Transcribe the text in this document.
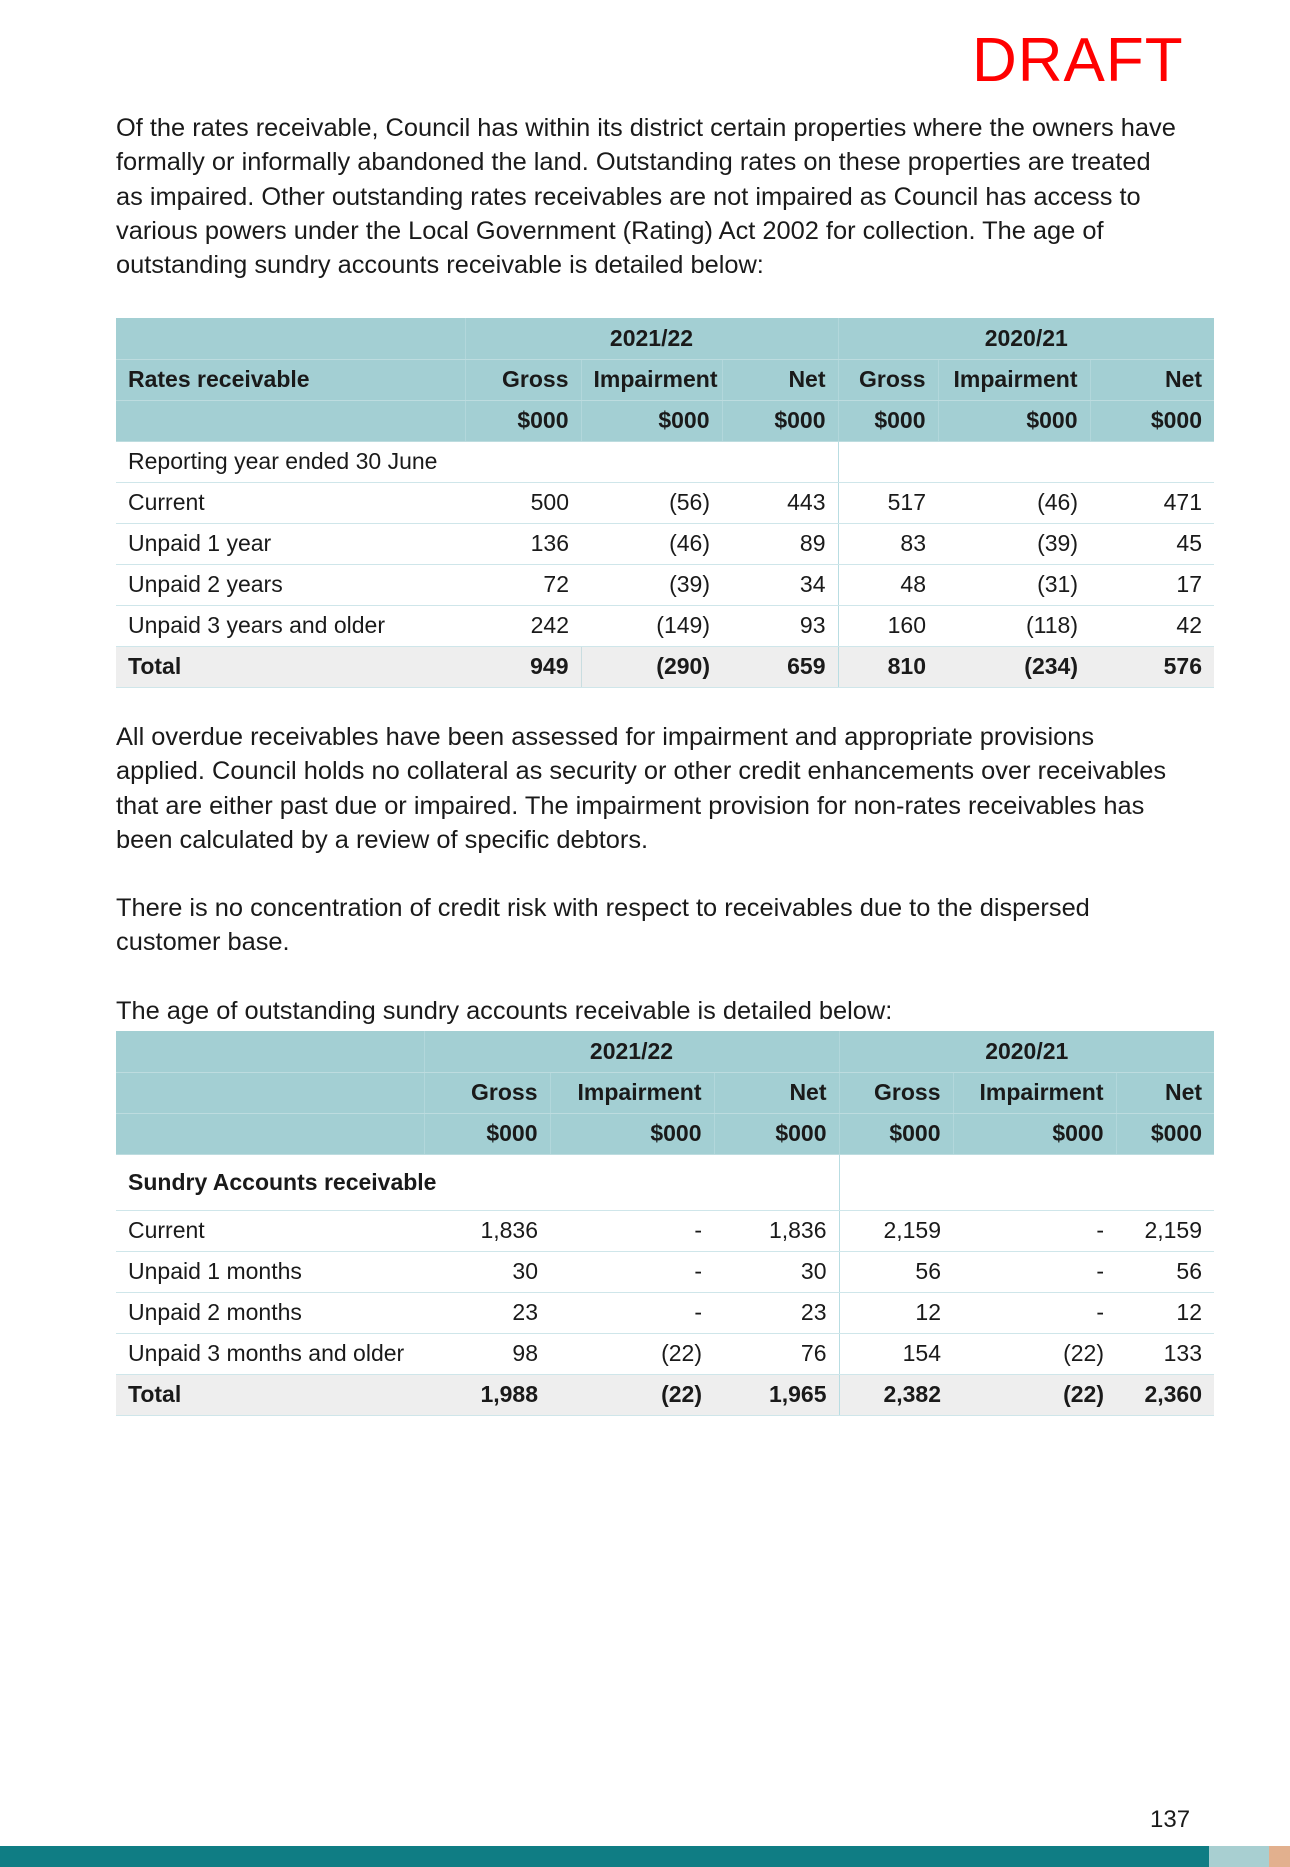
DRAFT

Of the rates receivable, Council has within its district certain properties where the owners have formally or informally abandoned the land. Outstanding rates on these properties are treated as impaired. Other outstanding rates receivables are not impaired as Council has access to various powers under the Local Government (Rating) Act 2002 for collection. The age of outstanding sundry accounts receivable is detailed below:

	2021/22			2020/21		
Rates receivable	Gross	Impairment	Net	Gross	Impairment	Net
	$000	$000	$000	$000	$000	$000
Reporting year ended 30 June						
Current	500	(56)	443	517	(46)	471
Unpaid 1 year	136	(46)	89	83	(39)	45
Unpaid 2 years	72	(39)	34	48	(31)	17
Unpaid 3 years and older	242	(149)	93	160	(118)	42
Total	949	(290)	659	810	(234)	576

All overdue receivables have been assessed for impairment and appropriate provisions applied. Council holds no collateral as security or other credit enhancements over receivables that are either past due or impaired. The impairment provision for non-rates receivables has been calculated by a review of specific debtors.

There is no concentration of credit risk with respect to receivables due to the dispersed customer base.

The age of outstanding sundry accounts receivable is detailed below:

	2021/22			2020/21		
	Gross	Impairment	Net	Gross	Impairment	Net
	$000	$000	$000	$000	$000	$000
Sundry Accounts receivable						
Current	1,836	-	1,836	2,159	-	2,159
Unpaid 1 months	30	-	30	56	-	56
Unpaid 2 months	23	-	23	12	-	12
Unpaid 3 months and older	98	(22)	76	154	(22)	133
Total	1,988	(22)	1,965	2,382	(22)	2,360
137
